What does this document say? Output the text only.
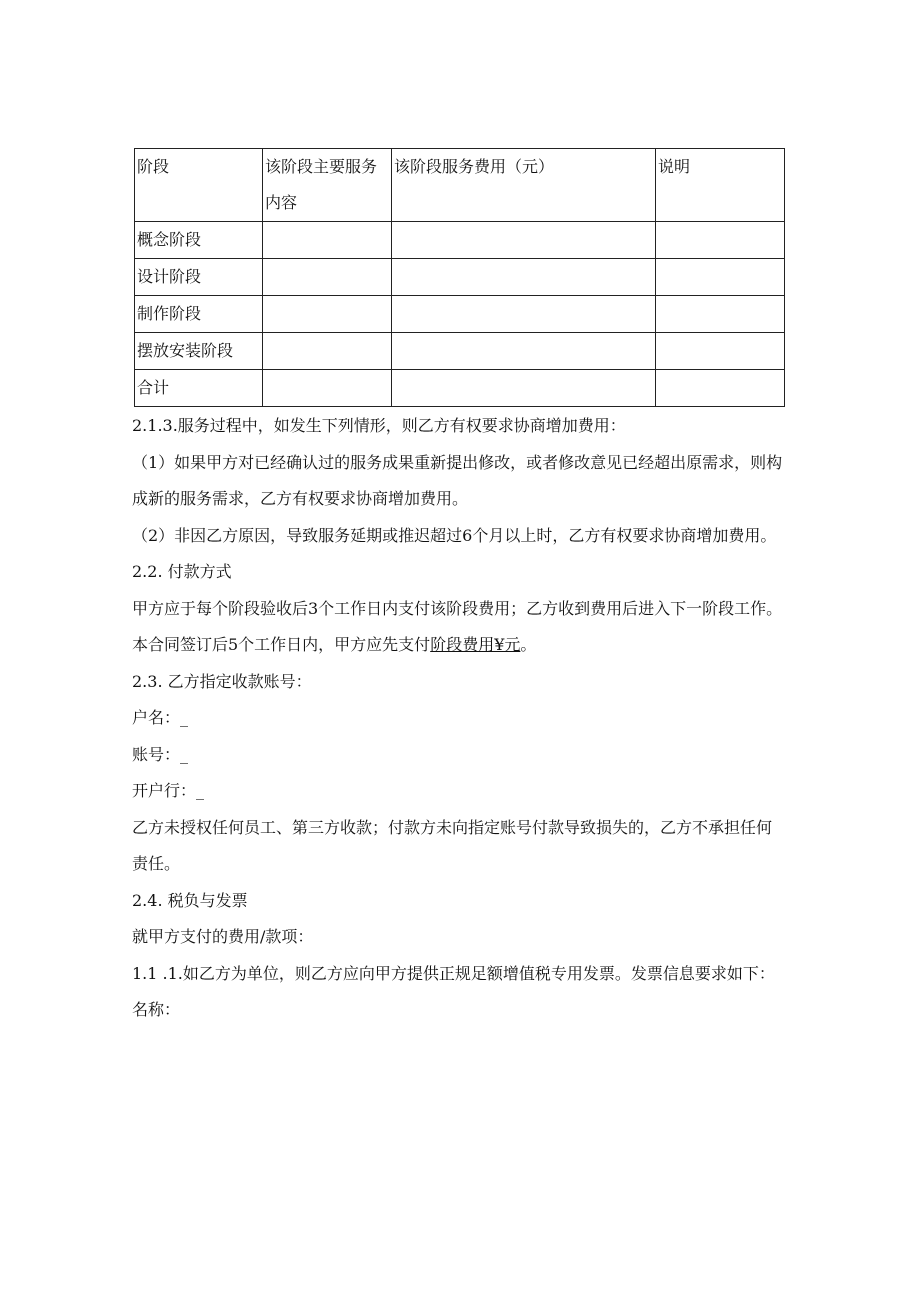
阶段	该阶段主要服务内容	该阶段服务费用（元）	说明
概念阶段			
设计阶段			
制作阶段			
摆放安装阶段			
合计			

2.1.3.服务过程中，如发生下列情形，则乙方有权要求协商增加费用：

（1）如果甲方对已经确认过的服务成果重新提出修改，或者修改意见已经超出原需求，则构成新的服务需求，乙方有权要求协商增加费用。

（2）非因乙方原因，导致服务延期或推迟超过6个月以上时，乙方有权要求协商增加费用。

2.2. 付款方式

甲方应于每个阶段验收后3个工作日内支付该阶段费用；乙方收到费用后进入下一阶段工作。

本合同签订后5个工作日内，甲方应先支付阶段费用¥元。

2.3. 乙方指定收款账号：

户名：_

账号：_

开户行：_

乙方未授权任何员工、第三方收款；付款方未向指定账号付款导致损失的，乙方不承担任何责任。

2.4. 税负与发票

就甲方支付的费用/款项：

1.1 .1.如乙方为单位，则乙方应向甲方提供正规足额增值税专用发票。发票信息要求如下：

名称：
